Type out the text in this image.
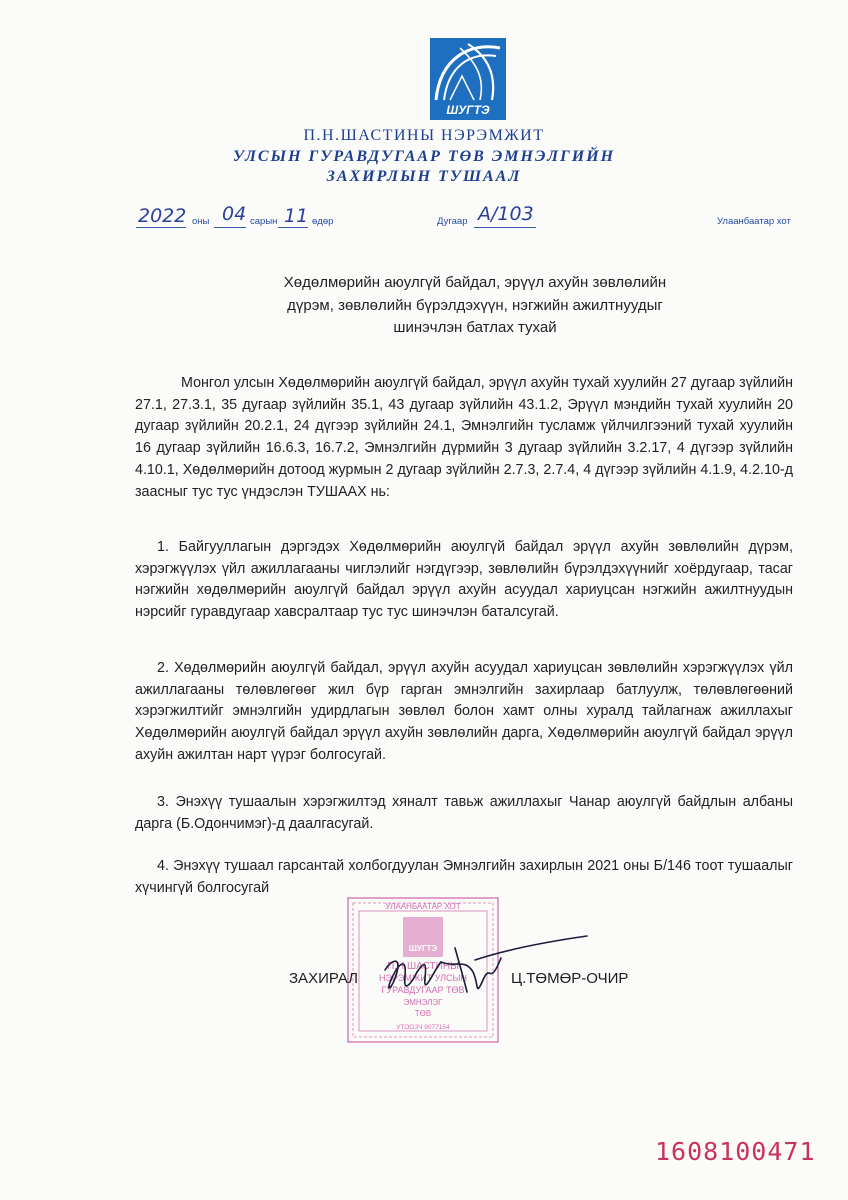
ШУГТЭ
П.Н.ШАСТИНЫ НЭРЭМЖИТ
УЛСЫН ГУРАВДУГААР ТӨВ ЭМНЭЛГИЙН
ЗАХИРЛЫН ТУШААЛ
2022 оны 04 сарын 11 өдөр	Дугаар А/103	Улаанбаатар хот

Хөдөлмөрийн аюулгүй байдал, эрүүл ахуйн зөвлөлийн

дүрэм, зөвлөлийн бүрэлдэхүүн, нэгжийн ажилтнуудыг

шинэчлэн батлах тухай

Монгол улсын Хөдөлмөрийн аюулгүй байдал, эрүүл ахуйн тухай хуулийн 27 дугаар зүйлийн 27.1, 27.3.1, 35 дугаар зүйлийн 35.1, 43 дугаар зүйлийн 43.1.2, Эрүүл мэндийн тухай хуулийн 20 дугаар зүйлийн 20.2.1, 24 дүгээр зүйлийн 24.1, Эмнэлгийн тусламж үйлчилгээний тухай хуулийн 16 дугаар зүйлийн 16.6.3, 16.7.2, Эмнэлгийн дүрмийн 3 дугаар зүйлийн 3.2.17, 4 дүгээр зүйлийн 4.10.1, Хөдөлмөрийн дотоод журмын 2 дугаар зүйлийн 2.7.3, 2.7.4, 4 дүгээр зүйлийн 4.1.9, 4.2.10-д заасныг тус тус үндэслэн ТУШААХ нь:

1. Байгууллагын дэргэдэх Хөдөлмөрийн аюулгүй байдал эрүүл ахуйн зөвлөлийн дүрэм, хэрэгжүүлэх үйл ажиллагааны чиглэлийг нэгдүгээр, зөвлөлийн бүрэлдэхүүнийг хоёрдугаар, тасаг нэгжийн хөдөлмөрийн аюулгүй байдал эрүүл ахуйн асуудал хариуцсан нэгжийн ажилтнуудын нэрсийг гуравдугаар хавсралтаар тус тус шинэчлэн баталсугай.

2. Хөдөлмөрийн аюулгүй байдал, эрүүл ахуйн асуудал хариуцсан зөвлөлийн хэрэгжүүлэх үйл ажиллагааны төлөвлөгөөг жил бүр гарган эмнэлгийн захирлаар батлуулж, төлөвлөгөөний хэрэгжилтийг эмнэлгийн удирдлагын зөвлөл болон хамт олны хуралд тайлагнаж ажиллахыг Хөдөлмөрийн аюулгүй байдал эрүүл ахуйн зөвлөлийн дарга, Хөдөлмөрийн аюулгүй байдал эрүүл ахуйн ажилтан нарт үүрэг болгосугай.

3. Энэхүү тушаалын хэрэгжилтэд хяналт тавьж ажиллахыг Чанар аюулгүй байдлын албаны дарга (Б.Одончимэг)-д даалгасугай.

4. Энэхүү тушаал гарсантай холбогдуулан Эмнэлгийн захирлын 2021 оны Б/146 тоот тушаалыг хүчингүй болгосугай

УЛААНБААТАР ХОТ
ШУГТЭ
П.Н.ШАСТИНЫ
НЭРЭМЖИТ УЛСЫН
ГУРАВДУГААР ТӨВ
ЭМНЭЛЭГ
ТӨВ
УТООЗЧ 9077154
ЗАХИРАЛ	Ц.ТӨМӨР-ОЧИР
1608100471
